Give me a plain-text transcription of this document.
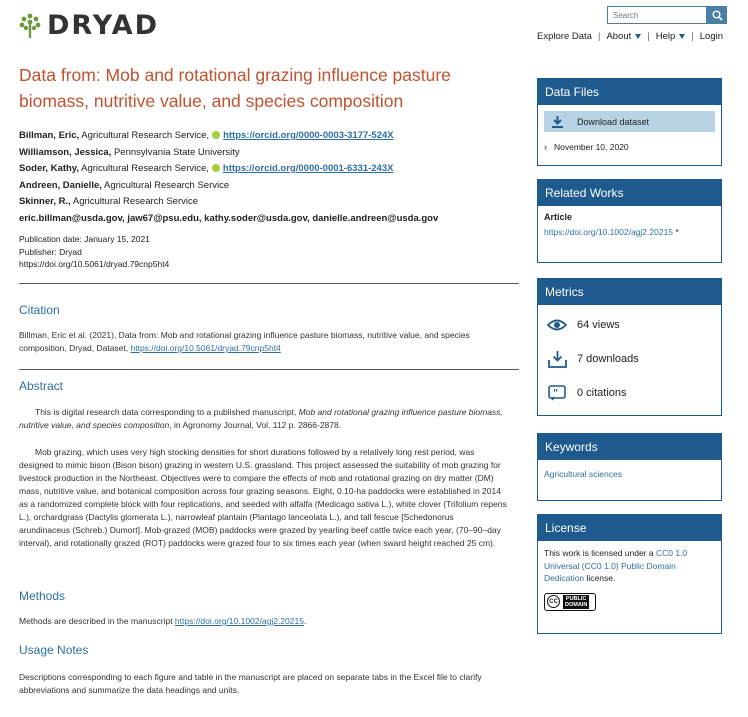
DRYAD
Search	Explore Data | About	| Help	| Login
Data from: Mob and rotational grazing influence pasture biomass, nutritive value, and species composition
Billman, Eric, Agricultural Research Service, https://orcid.org/0000-0003-3177-524X
Williamson, Jessica, Pennsylvania State University
Soder, Kathy, Agricultural Research Service, https://orcid.org/0000-0001-6331-243X
Andreen, Danielle, Agricultural Research Service
Skinner, R., Agricultural Research Service
eric.billman@usda.gov, jaw67@psu.edu, kathy.soder@usda.gov, danielle.andreen@usda.gov
Publication date: January 15, 2021
Publisher: Dryad
https://doi.org/10.5061/dryad.79cnp5ht4
Citation

Billman, Eric et al. (2021), Data from: Mob and rotational grazing influence pasture biomass, nutritive value, and species composition, Dryad, Dataset, https://doi.org/10.5061/dryad.79cnp5ht4

Abstract

This is digital research data corresponding to a published manuscript, Mob and rotational grazing influence pasture biomass, nutritive value, and species composition, in Agronomy Journal, Vol. 112 p. 2866-2878.

Mob grazing, which uses very high stocking densities for short durations followed by a relatively long rest period, was designed to mimic bison (Bison bison) grazing in western U.S. grassland. This project assessed the suitability of mob grazing for livestock production in the Northeast. Objectives were to compare the effects of mob and rotational grazing on dry matter (DM) mass, nutritive value, and botanical composition across four grazing seasons. Eight, 0.10-ha paddocks were established in 2014 as a randomized complete block with four replications, and seeded with alfalfa (Medicago sativa L.), white clover (Trifolium repens L.), orchardgrass (Dactylis glomerata L.), narrowleaf plantain (Plantago lanceolata L.), and tall fescue [Schedonorus arundinaceus (Schreb.) Dumort]. Mob-grazed (MOB) paddocks were grazed by yearling beef cattle twice each year, (70–90–day interval), and rotationally grazed (ROT) paddocks were grazed four to six times each year (when sward height reached 25 cm).

Methods

Methods are described in the manuscript https://doi.org/10.1002/agj2.20215.

Usage Notes

Descriptions corresponding to each figure and table in the manuscript are placed on separate tabs in the Excel file to clarify abbreviations and summarize the data headings and units.

Data Files
Download dataset
› November 10, 2020
Related Works
Article
https://doi.org/10.1002/agj2.20215 *
Metrics
64 views
7 downloads
" 0 citations
Keywords
Agricultural sciences
License
This work is licensed under a CC0 1.0 Universal (CC0 1.0) Public Domain Dedication license.
CC	PUBLIC
DOMAIN
